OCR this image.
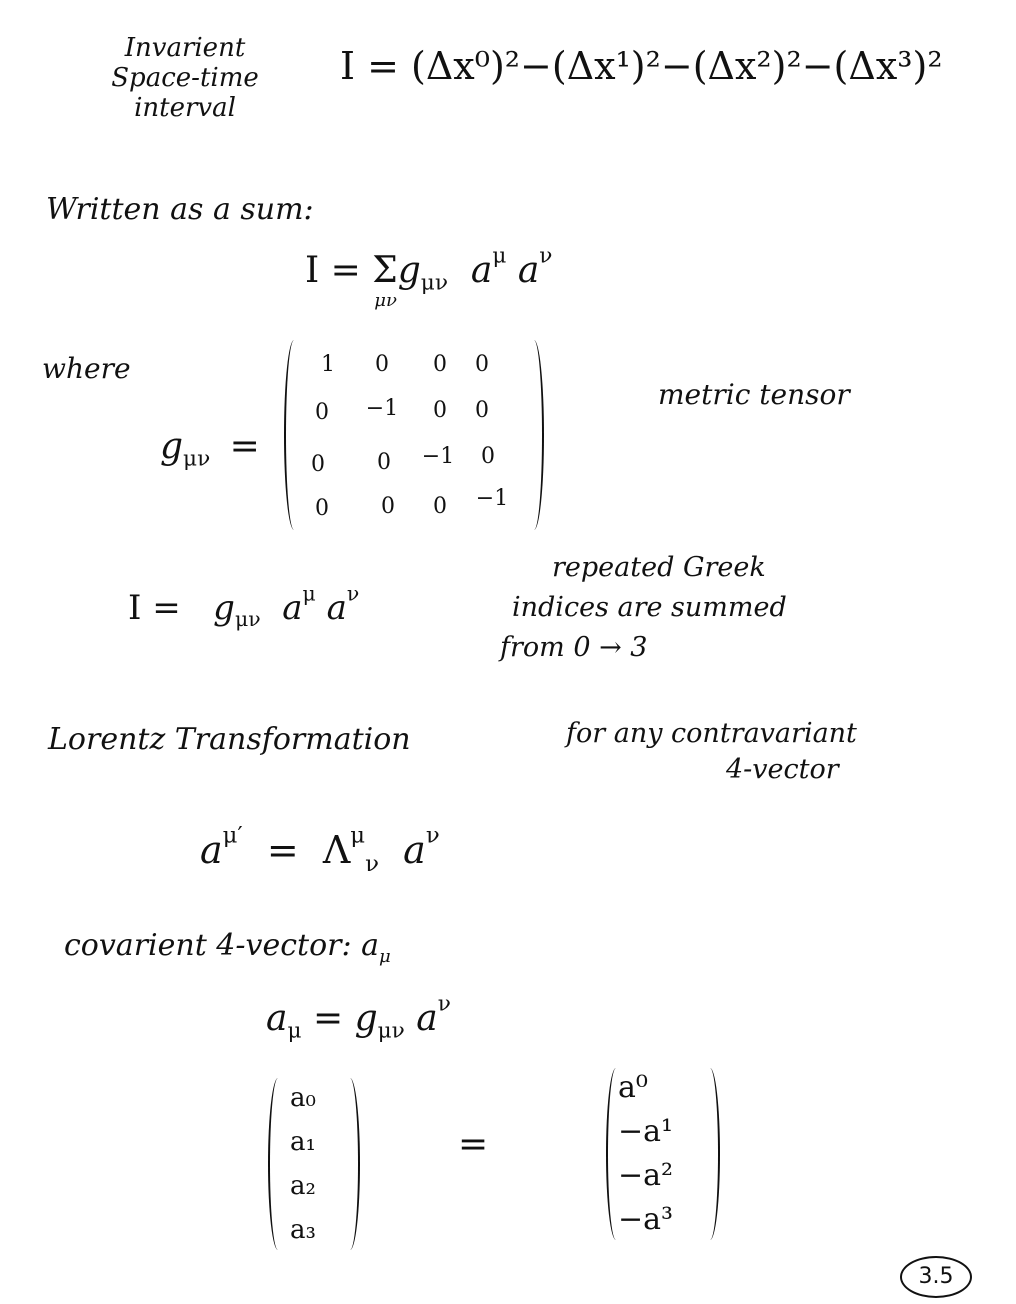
Invarient
Space-time
interval
I = (Δx⁰)²−(Δx¹)²−(Δx²)²−(Δx³)²
Written as a sum:
I = Σ
μν
$g_{\mu\nu}$ $a^\mu$ $a^\nu$
where
$g_{\mu\nu}$ =
1	0	0	0
0	−1	0	0
0	0	−1	0
0	0	0	−1
metric tensor
$I = g_{\mu\nu}$ $a^\mu$ $a^\nu$
repeated Greek
indices are summed
from 0 → 3
Lorentz Transformation	for any contravariant
4-vector
$a^{\mu'} = \Lambda^\mu_\nu$ $a^\nu$
covarient 4-vector: $a_\mu$
$a_\mu = g_{\mu\nu}$ $a^\nu$
a₀
a₁
a₂
a₃
=
a⁰
−a¹
−a²
−a³
3.5
